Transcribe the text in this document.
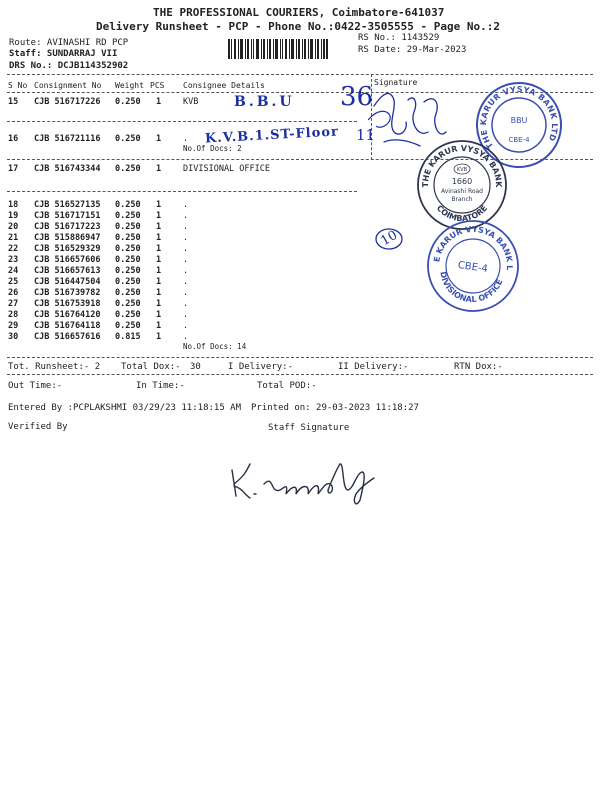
THE PROFESSIONAL COURIERS, Coimbatore-641037
Delivery Runsheet - PCP - Phone No.:0422-3505555 - Page No.:2
Route: AVINASHI RD PCP
Staff: SUNDARRAJ VII
DRS No.: DCJB114352902
RS No.: 1143529
RS Date: 29-Mar-2023
S No Consignment No Weight PCS Consignee Details	Signature
15 CJB 516717226 0.250 1	KVB
16 CJB 516721116 0.250 1	.
No.Of Docs: 2
17 CJB 516743344 0.250 1	DIVISIONAL OFFICE
18 CJB 516527135 0.250 1	.
19 CJB 516717151 0.250 1	.
20 CJB 516717223 0.250 1	.
21 CJB 515886947 0.250 1	.
22 CJB 516529329 0.250 1	.
23 CJB 516657606 0.250 1	.
24 CJB 516657613 0.250 1	.
25 CJB 516447504 0.250 1	.
26 CJB 516739782 0.250 1	.
27 CJB 516753918 0.250 1	.
28 CJB 516764120 0.250 1	.
29 CJB 516764118 0.250 1	.
30 CJB 516657616 0.815 1	.
No.Of Docs: 14
Tot. Runsheet:- 2 Total Dox:- 30	I Delivery:-	II Delivery:-	RTN Dox:-
Out Time:-	In Time:-	Total POD:-
Entered By :PCPLAKSHMI 03/29/23 11:18:15 AM Printed on: 29-03-2023 11:18:27
Verified By	Staff Signature
B.B.U
K.V.B.1.ST-Floor
36
11
10
THE KARUR VYSYA BANK LTD
BBU
CBE-4
THE KARUR VYSYA BANK
COIMBATORE
KVB
1660
Avinashi Road
Branch
THE KARUR VYSYA BANK LTD.
DIVISIONAL OFFICE
CBE-4
